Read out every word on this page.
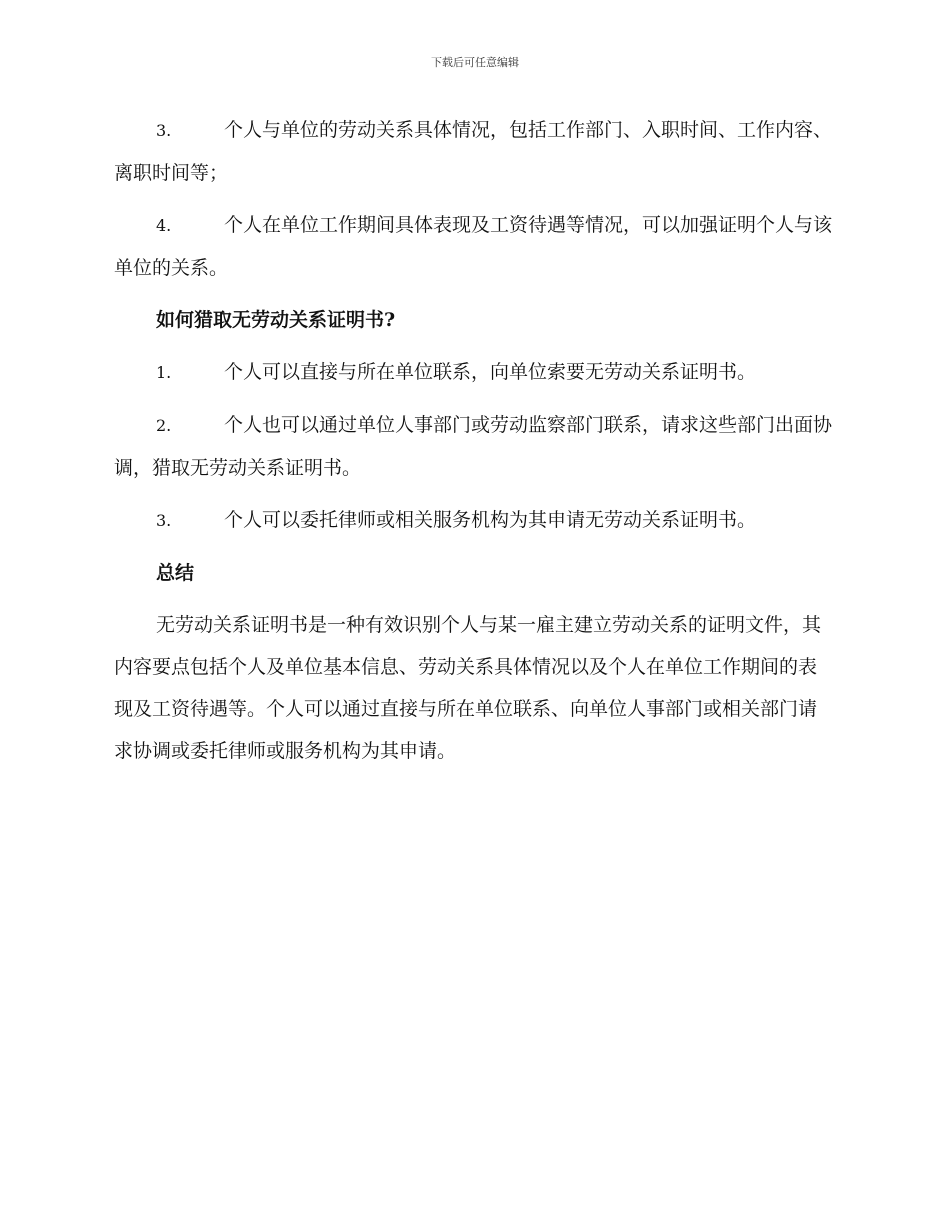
下载后可任意编辑

3.	个人与单位的劳动关系具体情况，包括工作部门、入职时间、工作内容、离职时间等；

4.	个人在单位工作期间具体表现及工资待遇等情况，可以加强证明个人与该单位的关系。

如何猎取无劳动关系证明书?

1.	个人可以直接与所在单位联系，向单位索要无劳动关系证明书。

2.	个人也可以通过单位人事部门或劳动监察部门联系，请求这些部门出面协调，猎取无劳动关系证明书。

3.	个人可以委托律师或相关服务机构为其申请无劳动关系证明书。

总结

无劳动关系证明书是一种有效识别个人与某一雇主建立劳动关系的证明文件，其内容要点包括个人及单位基本信息、劳动关系具体情况以及个人在单位工作期间的表现及工资待遇等。个人可以通过直接与所在单位联系、向单位人事部门或相关部门请求协调或委托律师或服务机构为其申请。
